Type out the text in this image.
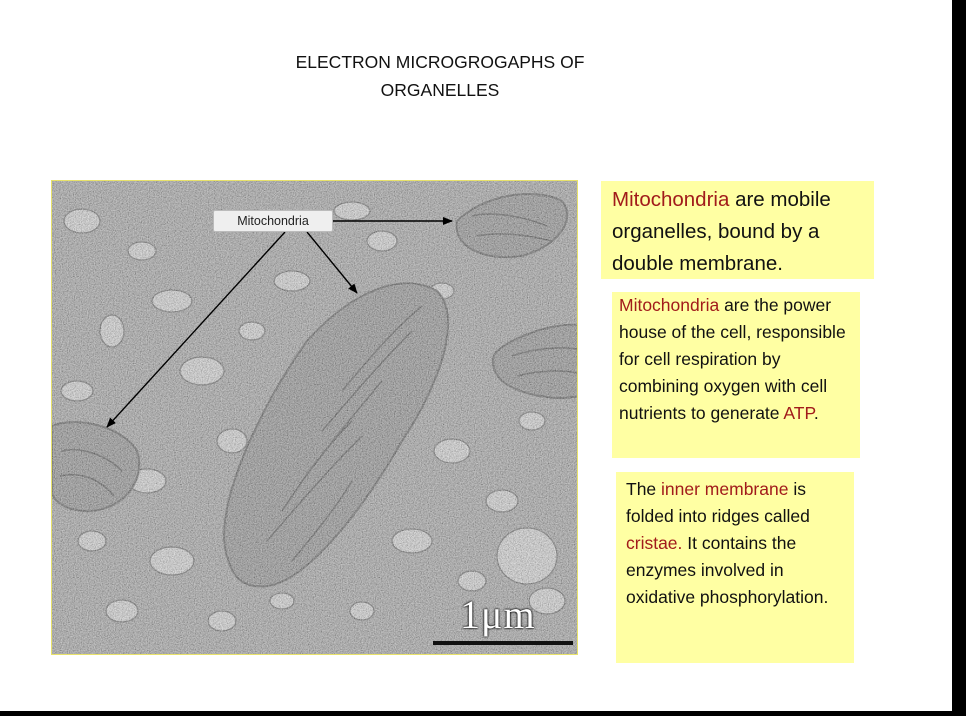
ELECTRON MICROGROGAPHS OF
ORGANELLES
Mitochondria
1μm
Mitochondria are mobile organelles, bound by a double membrane.
Mitochondria are the power house of the cell, responsible for cell respiration by combining oxygen with cell nutrients to generate ATP.
The inner membrane is folded into ridges called cristae. It contains the enzymes involved in oxidative phosphorylation.
